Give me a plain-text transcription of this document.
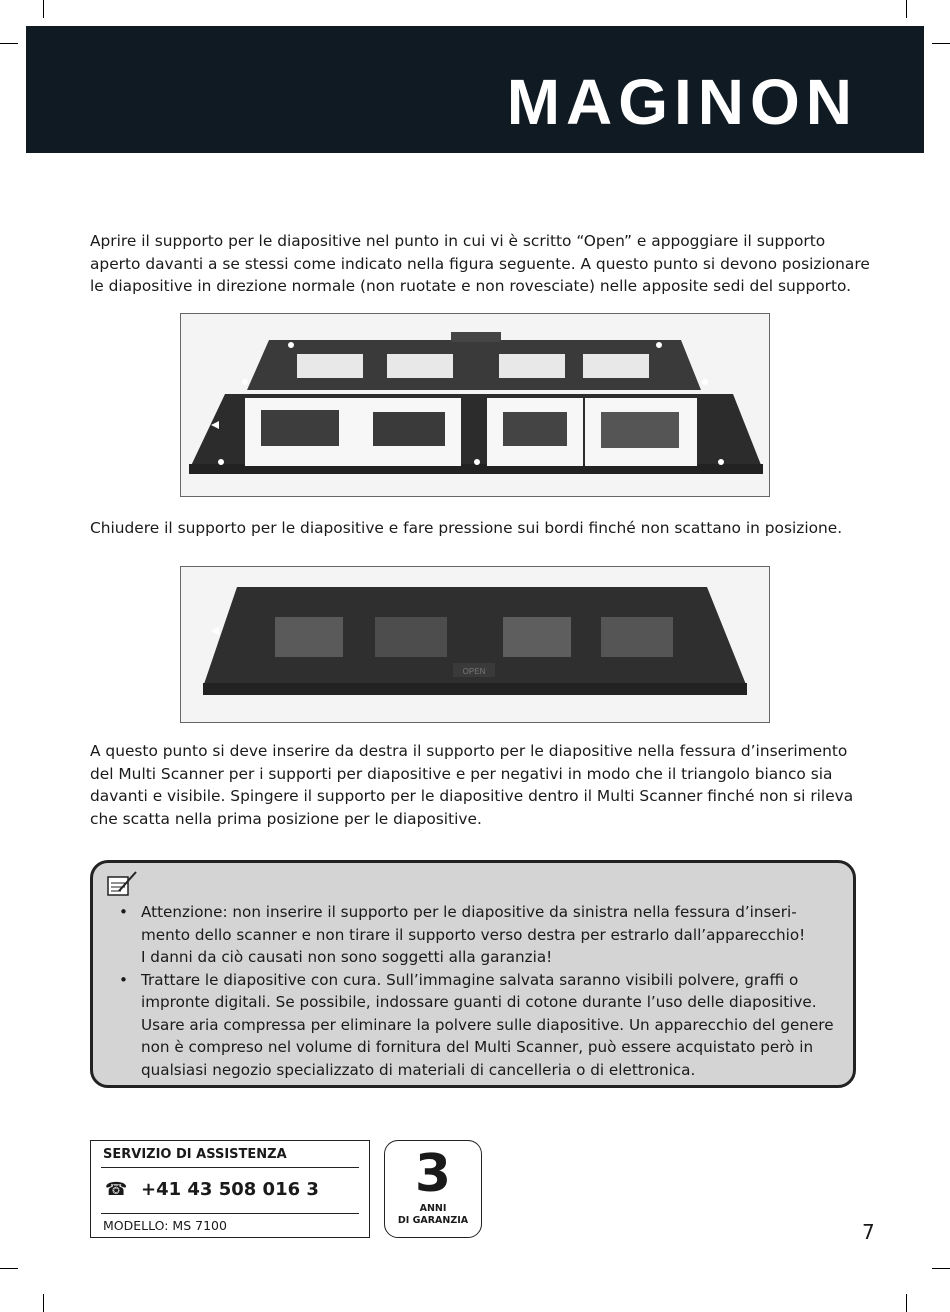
MAGINON

Aprire il supporto per le diapositive nel punto in cui vi è scritto “Open” e appoggiare il supporto
aperto davanti a se stessi come indicato nella figura seguente. A questo punto si devono posizionare
le diapositive in direzione normale (non ruotate e non rovesciate) nelle apposite sedi del supporto.

Chiudere il supporto per le diapositive e fare pressione sui bordi finché non scattano in posizione.

OPEN

A questo punto si deve inserire da destra il supporto per le diapositive nella fessura d’inserimento
del Multi Scanner per i supporti per diapositive e per negativi in modo che il triangolo bianco sia
davanti e visibile. Spingere il supporto per le diapositive dentro il Multi Scanner finché non si rileva
che scatta nella prima posizione per le diapositive.

• Attenzione: non inserire il supporto per le diapositive da sinistra nella fessura d’inseri-
mento dello scanner e non tirare il supporto verso destra per estrarlo dall’apparecchio!
I danni da ciò causati non sono soggetti alla garanzia!
• Trattare le diapositive con cura. Sull’immagine salvata saranno visibili polvere, graffi o
impronte digitali. Se possibile, indossare guanti di cotone durante l’uso delle diapositive.
Usare aria compressa per eliminare la polvere sulle diapositive. Un apparecchio del genere
non è compreso nel volume di fornitura del Multi Scanner, può essere acquistato però in
qualsiasi negozio specializzato di materiali di cancelleria o di elettronica.
SERVIZIO DI ASSISTENZA
☎ +41 43 508 016 3
MODELLO: MS 7100
3
ANNI
DI GARANZIA	7
